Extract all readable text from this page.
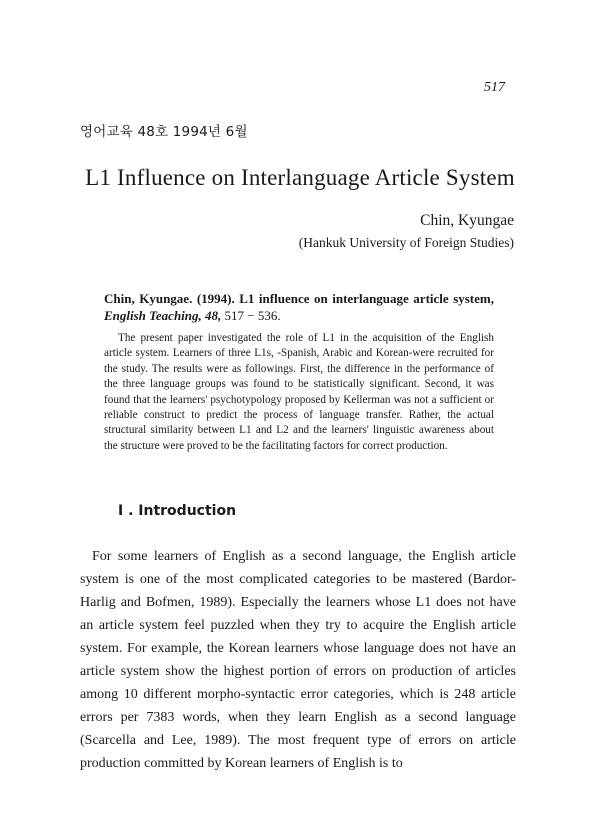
517
영어교육 48호 1994년 6월
L1 Influence on Interlanguage Article System
Chin, Kyungae
(Hankuk University of Foreign Studies)
Chin, Kyungae. (1994). L1 influence on interlanguage article system, English Teaching, 48, 517 − 536.

The present paper investigated the role of L1 in the acquisition of the English article system. Learners of three L1s, -Spanish, Arabic and Korean-were recruited for the study. The results were as followings. First, the difference in the performance of the three language groups was found to be statistically significant. Second, it was found that the learners' psychotypology proposed by Kellerman was not a sufficient or reliable construct to predict the process of language transfer. Rather, the actual structural similarity between L1 and L2 and the learners' linguistic awareness about the structure were proved to be the facilitating factors for correct production.

I . Introduction

For some learners of English as a second language, the English article system is one of the most complicated categories to be mastered (Bardor-Harlig and Bofmen, 1989). Especially the learners whose L1 does not have an article system feel puzzled when they try to acquire the English article system. For example, the Korean learners whose language does not have an article system show the highest portion of errors on production of articles among 10 different morpho-syntactic error categories, which is 248 article errors per 7383 words, when they learn English as a second language (Scarcella and Lee, 1989). The most frequent type of errors on article production committed by Korean learners of English is to
